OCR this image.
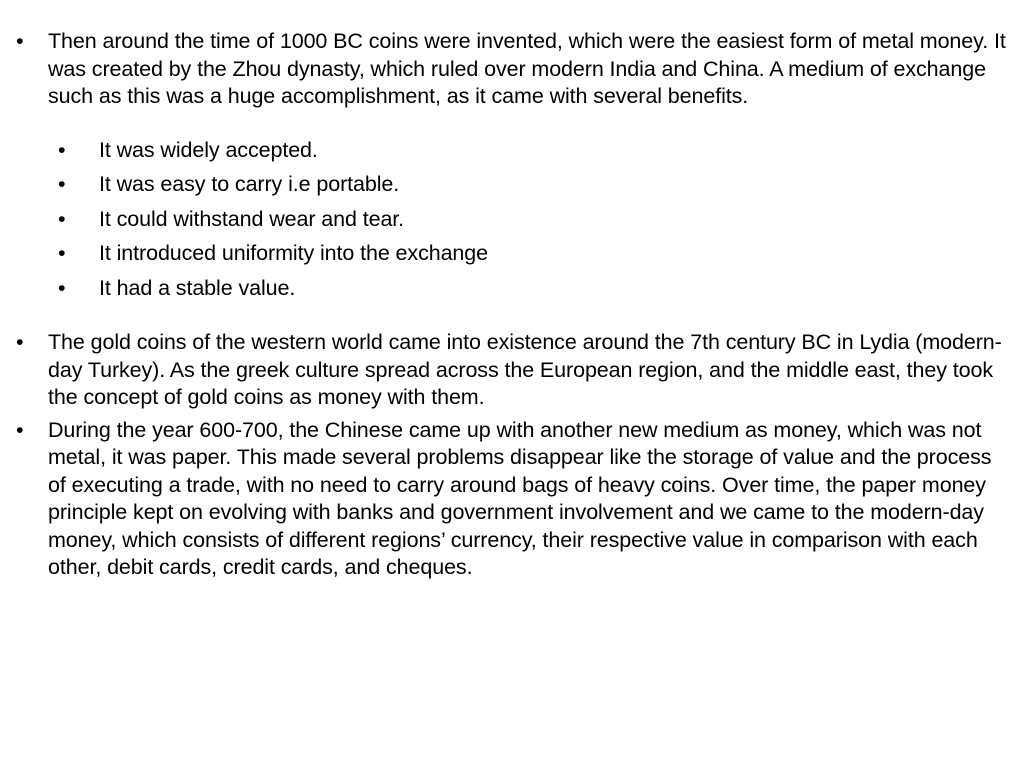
•	Then around the time of 1000 BC coins were invented, which were the easiest form of metal money. It was created by the Zhou dynasty, which ruled over modern India and China. A medium of exchange such as this was a huge accomplishment, as it came with several benefits.
• It was widely accepted.
• It was easy to carry i.e portable.
• It could withstand wear and tear.
• It introduced uniformity into the exchange
• It had a stable value.
•	The gold coins of the western world came into existence around the 7th century BC in Lydia (modern-day Turkey). As the greek culture spread across the European region, and the middle east, they took the concept of gold coins as money with them.
•	During the year 600-700, the Chinese came up with another new medium as money, which was not metal, it was paper. This made several problems disappear like the storage of value and the process of executing a trade, with no need to carry around bags of heavy coins. Over time, the paper money principle kept on evolving with banks and government involvement and we came to the modern-day money, which consists of different regions’ currency, their respective value in comparison with each other, debit cards, credit cards, and cheques.
